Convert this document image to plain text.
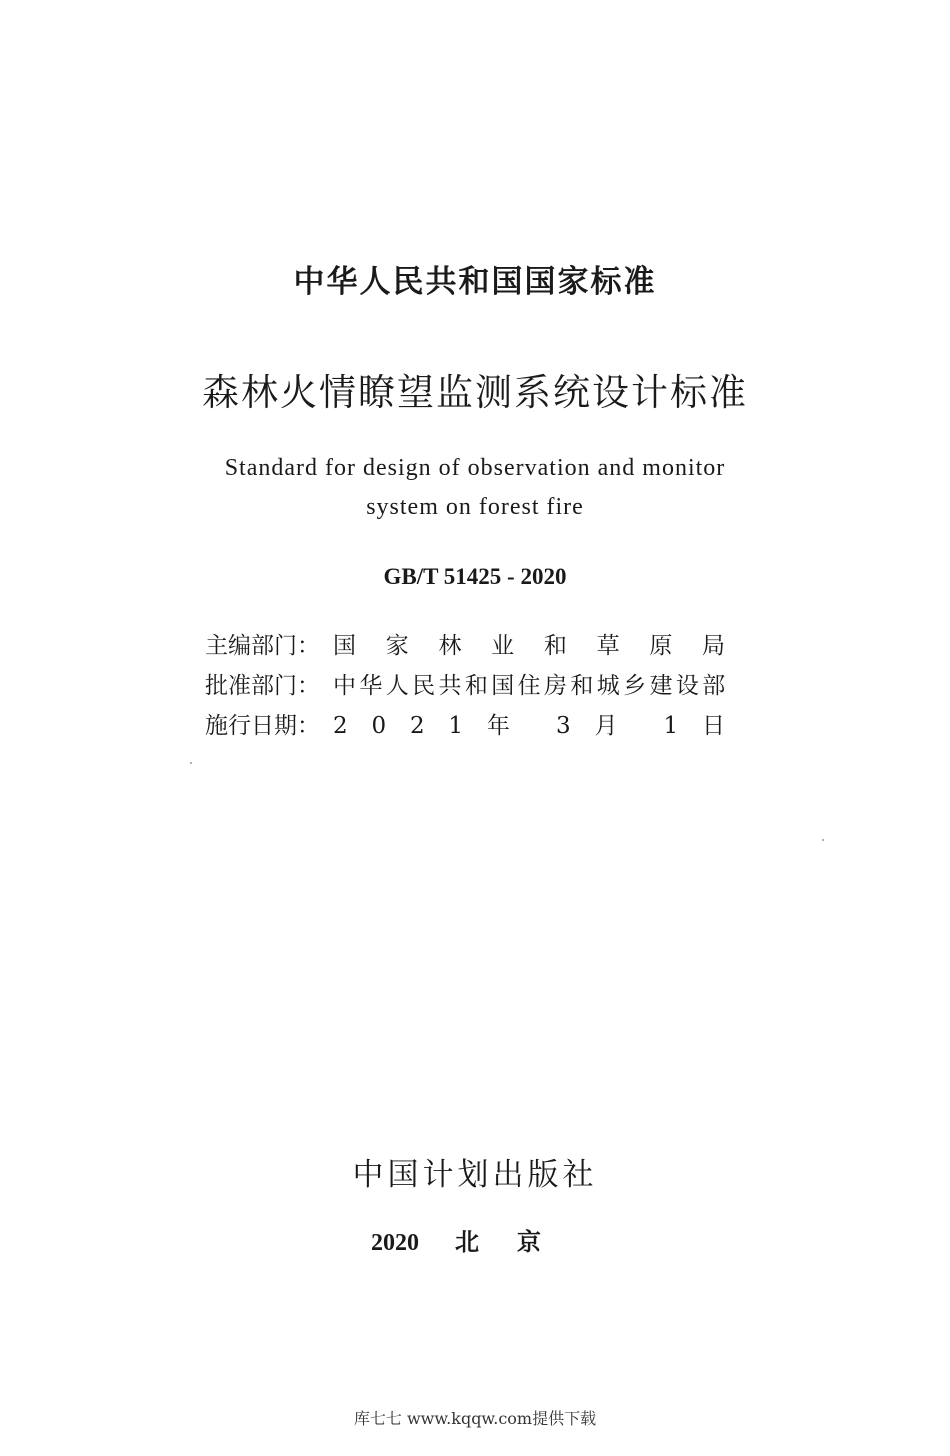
中华人民共和国国家标准
森林火情瞭望监测系统设计标准
Standard for design of observation and monitor
system on forest fire
GB/T 51425 - 2020
主编部门： 国 家 林 业 和 草 原 局
批准部门： 中 华 人 民 共 和 国 住 房 和 城 乡 建 设 部
施行日期： 2 0 2 1 年 3 月 1 日
中国计划出版社
2020 北京
库七七 www.kqqw.com提供下载
